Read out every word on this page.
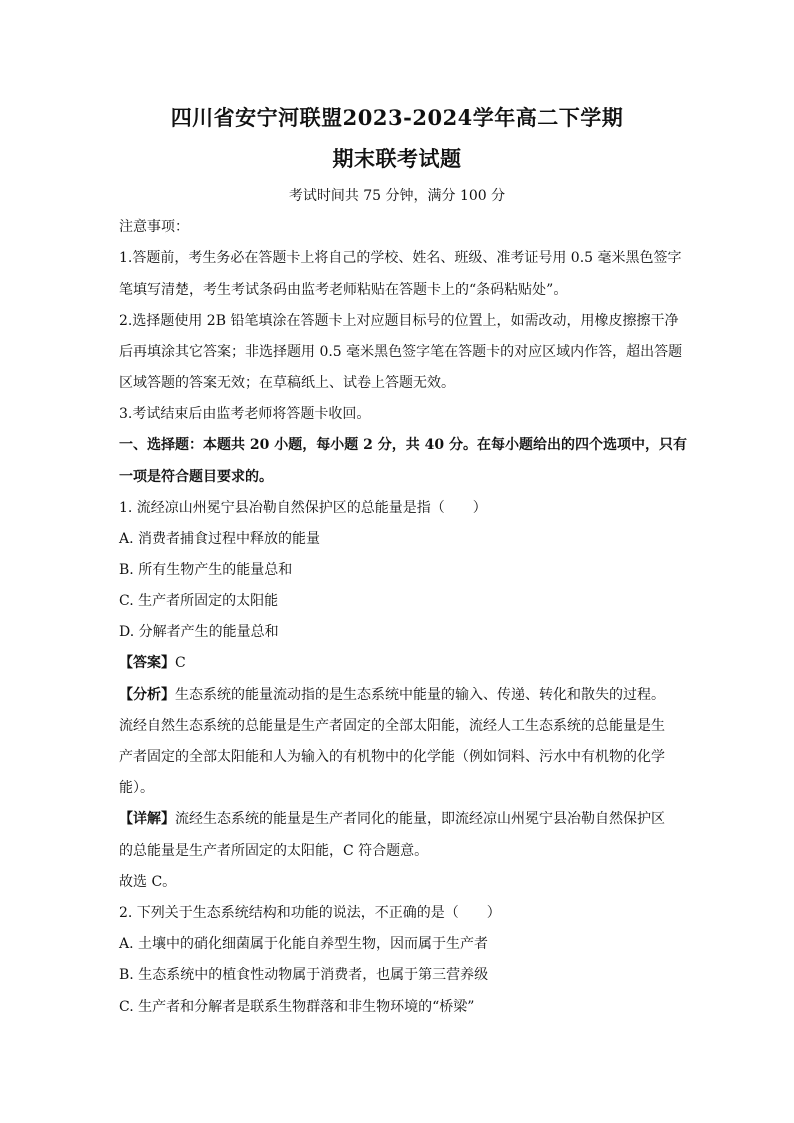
四川省安宁河联盟2023-2024学年高二下学期
期末联考试题
考试时间共 75 分钟，满分 100 分
注意事项：
1.答题前，考生务必在答题卡上将自己的学校、姓名、班级、准考证号用 0.5 毫米黑色签字
笔填写清楚，考生考试条码由监考老师粘贴在答题卡上的“条码粘贴处”。
2.选择题使用 2B 铅笔填涂在答题卡上对应题目标号的位置上，如需改动，用橡皮擦擦干净
后再填涂其它答案；非选择题用 0.5 毫米黑色签字笔在答题卡的对应区域内作答，超出答题
区域答题的答案无效；在草稿纸上、试卷上答题无效。
3.考试结束后由监考老师将答题卡收回。
一、选择题：本题共 20 小题，每小题 2 分，共 40 分。在每小题给出的四个选项中，只有
一项是符合题目要求的。
1. 流经凉山州冕宁县冶勒自然保护区的总能量是指（　　）
A. 消费者捕食过程中释放的能量
B. 所有生物产生的能量总和
C. 生产者所固定的太阳能
D. 分解者产生的能量总和
【答案】C
【分析】生态系统的能量流动指的是生态系统中能量的输入、传递、转化和散失的过程。
流经自然生态系统的总能量是生产者固定的全部太阳能，流经人工生态系统的总能量是生
产者固定的全部太阳能和人为输入的有机物中的化学能（例如饲料、污水中有机物的化学
能）。
【详解】流经生态系统的能量是生产者同化的能量，即流经凉山州冕宁县冶勒自然保护区
的总能量是生产者所固定的太阳能，C 符合题意。
故选 C。
2. 下列关于生态系统结构和功能的说法，不正确的是（　　）
A. 土壤中的硝化细菌属于化能自养型生物，因而属于生产者
B. 生态系统中的植食性动物属于消费者，也属于第三营养级
C. 生产者和分解者是联系生物群落和非生物环境的“桥梁”
